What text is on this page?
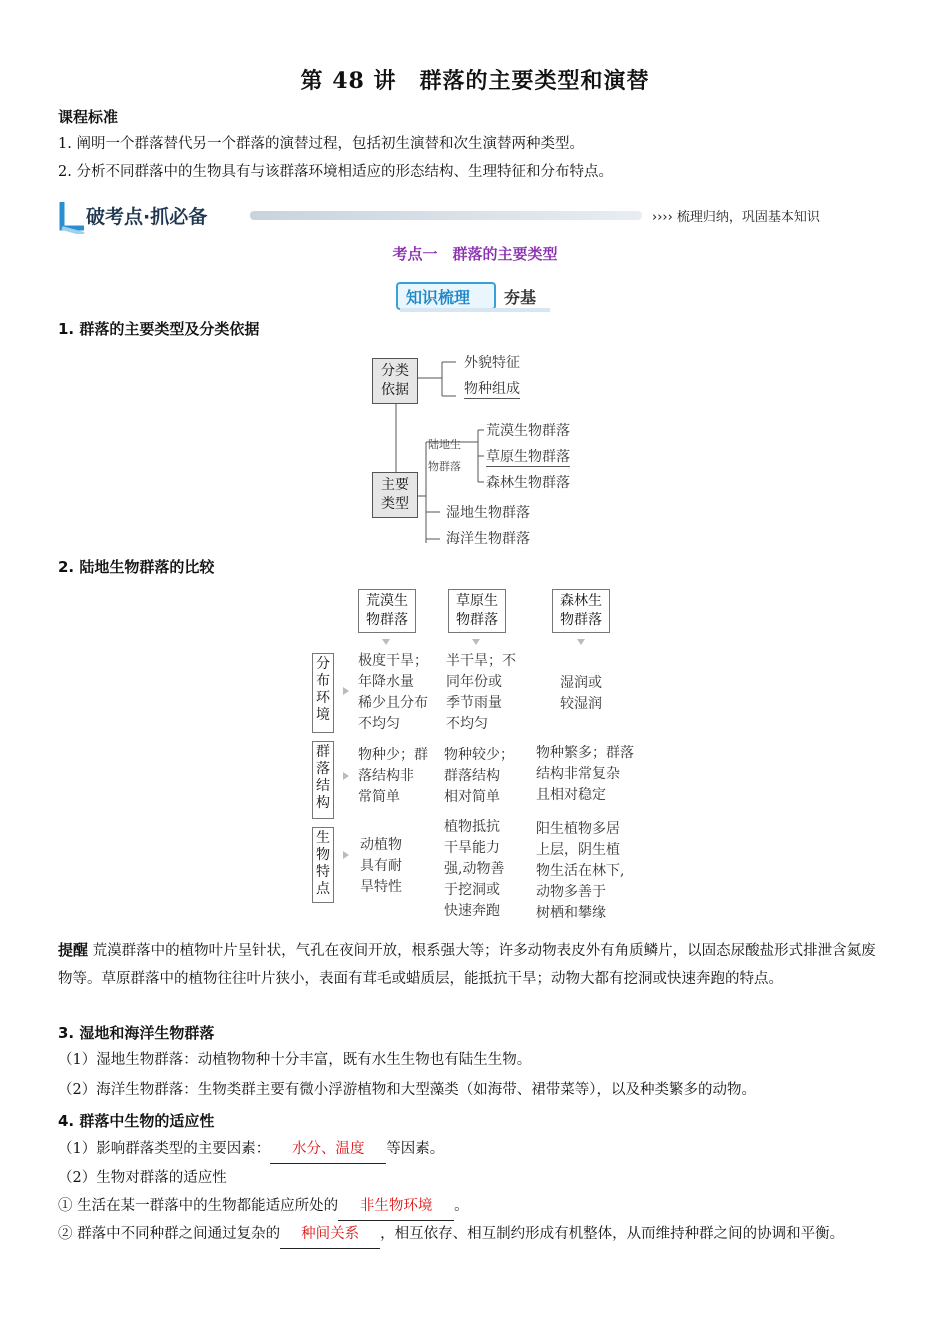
第 48 讲　群落的主要类型和演替
课程标准
1. 阐明一个群落替代另一个群落的演替过程，包括初生演替和次生演替两种类型。
2. 分析不同群落中的生物具有与该群落环境相适应的形态结构、生理特征和分布特点。
破考点·抓必备	›››› 梳理归纳，巩固基本知识
考点一　群落的主要类型
知识梳理 夯基
1. 群落的主要类型及分类依据
分类
依据
外貌特征
物种组成
主要
类型
陆地生
物群落
荒漠生物群落
草原生物群落
森林生物群落
湿地生物群落
海洋生物群落
2. 陆地生物群落的比较
荒漠生
物群落
草原生
物群落
森林生
物群落
分布环境
极度干旱；
年降水量
稀少且分布
不均匀
半干旱；不
同年份或
季节雨量
不均匀
湿润或
较湿润
群落结构
物种少；群
落结构非
常简单
物种较少；
群落结构
相对简单
物种繁多；群落
结构非常复杂
且相对稳定
生物特点
动植物
具有耐
旱特性
植物抵抗
干旱能力
强,动物善
于挖洞或
快速奔跑
阳生植物多居
上层，阴生植
物生活在林下,
动物多善于
树栖和攀缘
提醒 荒漠群落中的植物叶片呈针状，气孔在夜间开放，根系强大等；许多动物表皮外有角质鳞片，以固态尿酸盐形式排泄含氮废物等。草原群落中的植物往往叶片狭小，表面有茸毛或蜡质层，能抵抗干旱；动物大都有挖洞或快速奔跑的特点。
3. 湿地和海洋生物群落
（1）湿地生物群落：动植物物种十分丰富，既有水生生物也有陆生生物。
（2）海洋生物群落：生物类群主要有微小浮游植物和大型藻类（如海带、裙带菜等），以及种类繁多的动物。
4. 群落中生物的适应性
（1）影响群落类型的主要因素： 水分、温度 等因素。
（2）生物对群落的适应性
① 生活在某一群落中的生物都能适应所处的 非生物环境 。
② 群落中不同种群之间通过复杂的 种间关系 ，相互依存、相互制约形成有机整体，从而维持种群之间的协调和平衡。
